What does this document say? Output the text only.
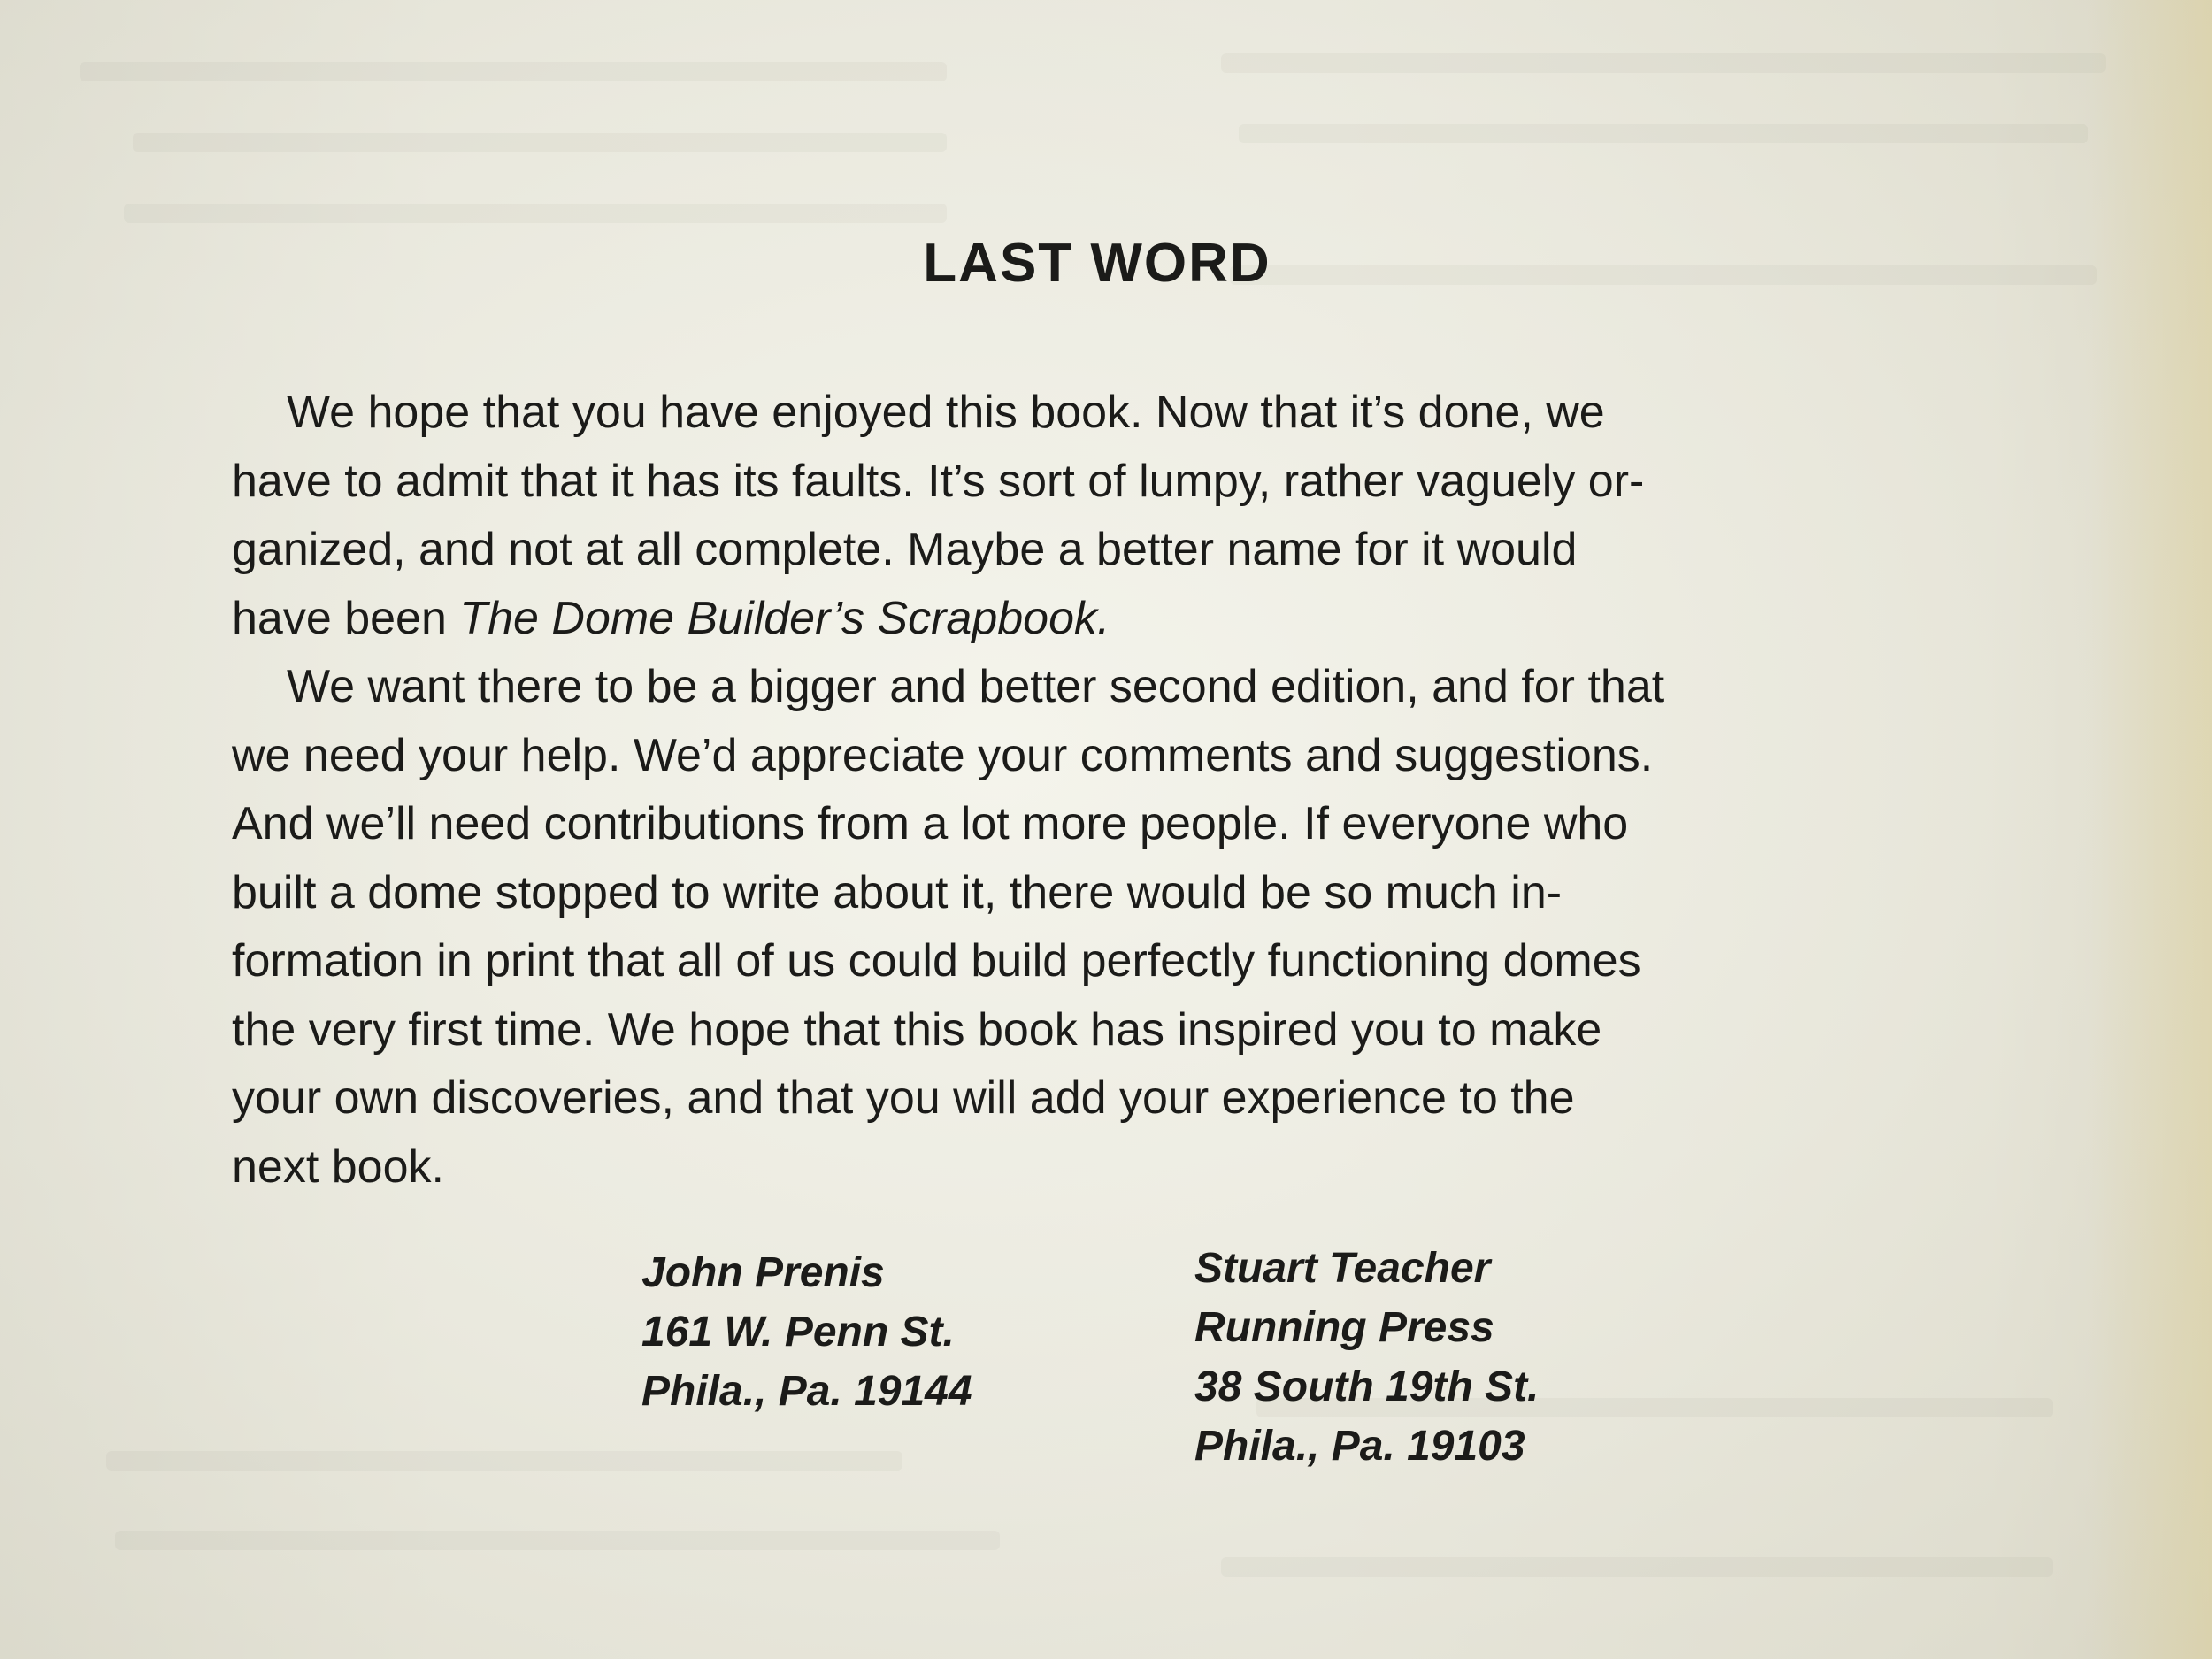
LAST WORD
We hope that you have enjoyed this book. Now that it’s done, we
have to admit that it has its faults. It’s sort of lumpy, rather vaguely or-
ganized, and not at all complete. Maybe a better name for it would
have been The Dome Builder’s Scrapbook.
We want there to be a bigger and better second edition, and for that
we need your help. We’d appreciate your comments and suggestions.
And we’ll need contributions from a lot more people. If everyone who
built a dome stopped to write about it, there would be so much in-
formation in print that all of us could build perfectly functioning domes
the very first time. We hope that this book has inspired you to make
your own discoveries, and that you will add your experience to the
next book.
John Prenis
161 W. Penn St.
Phila., Pa. 19144
Stuart Teacher
Running Press
38 South 19th St.
Phila., Pa. 19103
